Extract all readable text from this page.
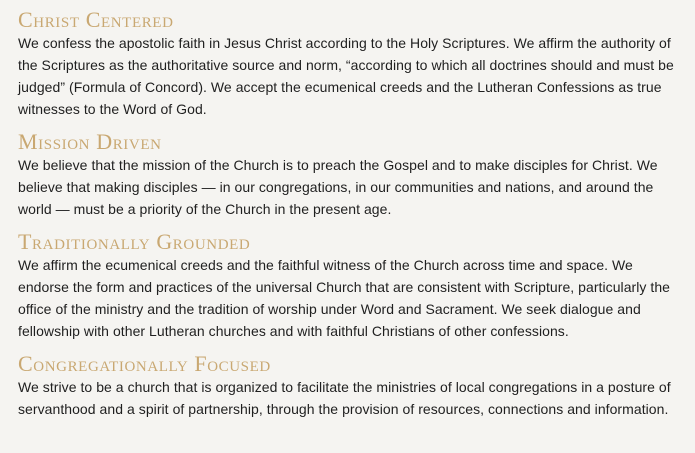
Christ Centered

We confess the apostolic faith in Jesus Christ according to the Holy Scriptures. We affirm the authority of the Scriptures as the authoritative source and norm, “according to which all doctrines should and must be judged” (Formula of Concord). We accept the ecumenical creeds and the Lutheran Confessions as true witnesses to the Word of God.

Mission Driven

We believe that the mission of the Church is to preach the Gospel and to make disciples for Christ. We believe that making disciples — in our congregations, in our communities and nations, and around the world — must be a priority of the Church in the present age.

Traditionally Grounded

We affirm the ecumenical creeds and the faithful witness of the Church across time and space. We endorse the form and practices of the universal Church that are consistent with Scripture, particularly the office of the ministry and the tradition of worship under Word and Sacrament. We seek dialogue and fellowship with other Lutheran churches and with faithful Christians of other confessions.

Congregationally Focused

We strive to be a church that is organized to facilitate the ministries of local congregations in a posture of servanthood and a spirit of partnership, through the provision of resources, connections and information.
